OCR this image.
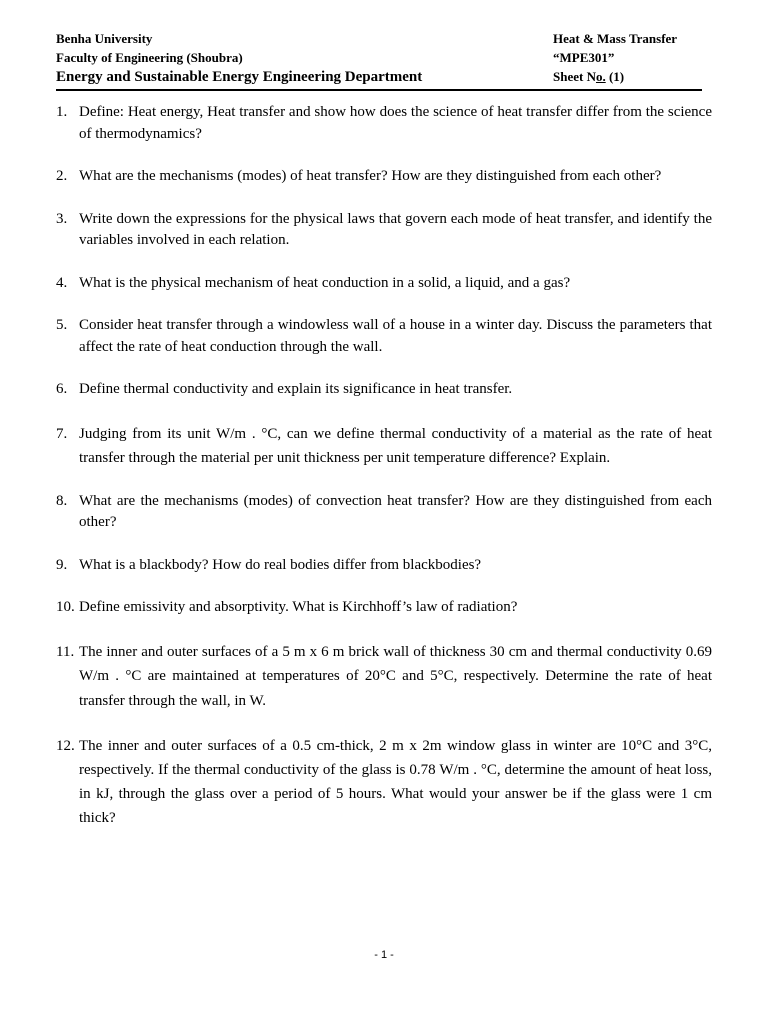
Benha University
Faculty of Engineering (Shoubra)
Energy and Sustainable Energy Engineering Department
Heat & Mass Transfer
“MPE301”
Sheet No. (1)
1. Define: Heat energy, Heat transfer and show how does the science of heat transfer differ from the science of thermodynamics?
2. What are the mechanisms (modes) of heat transfer? How are they distinguished from each other?
3. Write down the expressions for the physical laws that govern each mode of heat transfer, and identify the variables involved in each relation.
4. What is the physical mechanism of heat conduction in a solid, a liquid, and a gas?
5. Consider heat transfer through a windowless wall of a house in a winter day. Discuss the parameters that affect the rate of heat conduction through the wall.
6. Define thermal conductivity and explain its significance in heat transfer.
7. Judging from its unit W/m . °C, can we define thermal conductivity of a material as the rate of heat transfer through the material per unit thickness per unit temperature difference? Explain.
8. What are the mechanisms (modes) of convection heat transfer? How are they distinguished from each other?
9. What is a blackbody? How do real bodies differ from blackbodies?
10. Define emissivity and absorptivity. What is Kirchhoff’s law of radiation?
11. The inner and outer surfaces of a 5 m x 6 m brick wall of thickness 30 cm and thermal conductivity 0.69 W/m . °C are maintained at temperatures of 20°C and 5°C, respectively. Determine the rate of heat transfer through the wall, in W.
12. The inner and outer surfaces of a 0.5 cm-thick, 2 m x 2m window glass in winter are 10°C and 3°C, respectively. If the thermal conductivity of the glass is 0.78 W/m . °C, determine the amount of heat loss, in kJ, through the glass over a period of 5 hours. What would your answer be if the glass were 1 cm thick?
- 1 -
